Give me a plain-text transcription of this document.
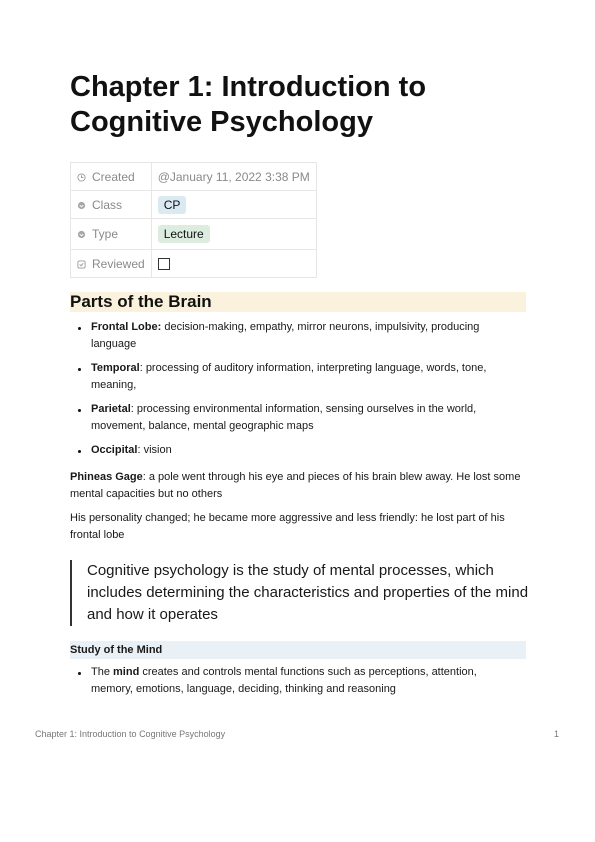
Chapter 1: Introduction to
Cognitive Psychology
Created	@January 11, 2022 3:38 PM
Class	CP
Type	Lecture
Reviewed	
Parts of the Brain
Frontal Lobe: decision-making, empathy, mirror neurons, impulsivity, producing language
Temporal: processing of auditory information, interpreting language, words, tone, meaning,
Parietal: processing environmental information, sensing ourselves in the world, movement, balance, mental geographic maps
Occipital: vision

Phineas Gage: a pole went through his eye and pieces of his brain blew away. He lost some mental capacities but no others

His personality changed; he became more aggressive and less friendly: he lost part of his frontal lobe

Cognitive psychology is the study of mental processes, which includes determining the characteristics and properties of the mind and how it operates
Study of the Mind
The mind creates and controls mental functions such as perceptions, attention, memory, emotions, language, deciding, thinking and reasoning
Chapter 1: Introduction to Cognitive Psychology	1
